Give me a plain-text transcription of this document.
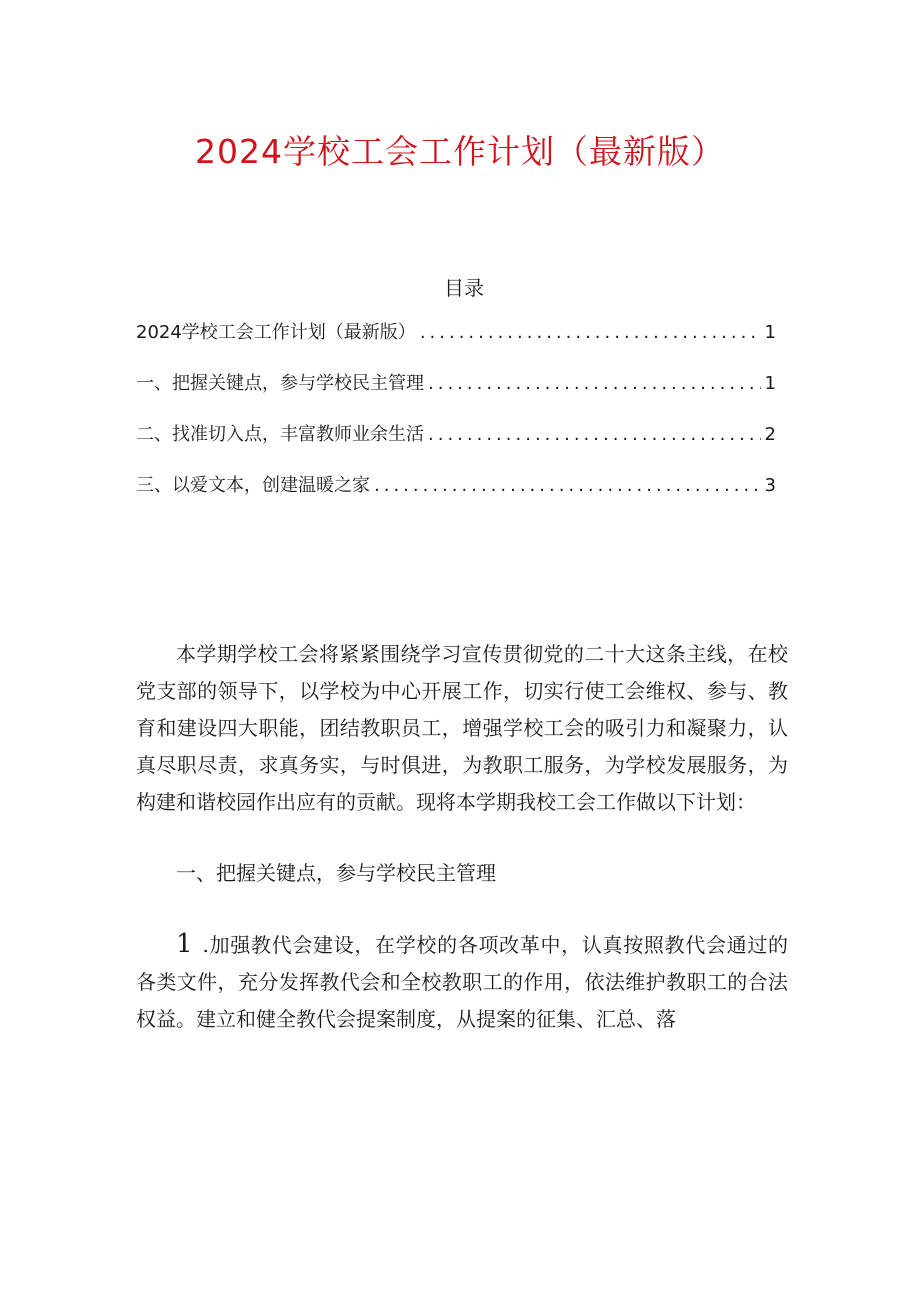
2024学校工会工作计划（最新版）
目录
2024学校工会工作计划（最新版） .....	1
一、把握关键点，参与学校民主管理 .....	1
二、找准切入点，丰富教师业余生活 .....	2
三、以爱文本，创建温暖之家 .....	3

本学期学校工会将紧紧围绕学习宣传贯彻党的二十大这条主线，在校党支部的领导下，以学校为中心开展工作，切实行使工会维权、参与、教育和建设四大职能，团结教职员工，增强学校工会的吸引力和凝聚力，认真尽职尽责，求真务实，与时俱进，为教职工服务，为学校发展服务，为构建和谐校园作出应有的贡献。现将本学期我校工会工作做以下计划：

一、把握关键点，参与学校民主管理

1 .加强教代会建设，在学校的各项改革中，认真按照教代会通过的各类文件，充分发挥教代会和全校教职工的作用，依法维护教职工的合法权益。建立和健全教代会提案制度，从提案的征集、汇总、落
